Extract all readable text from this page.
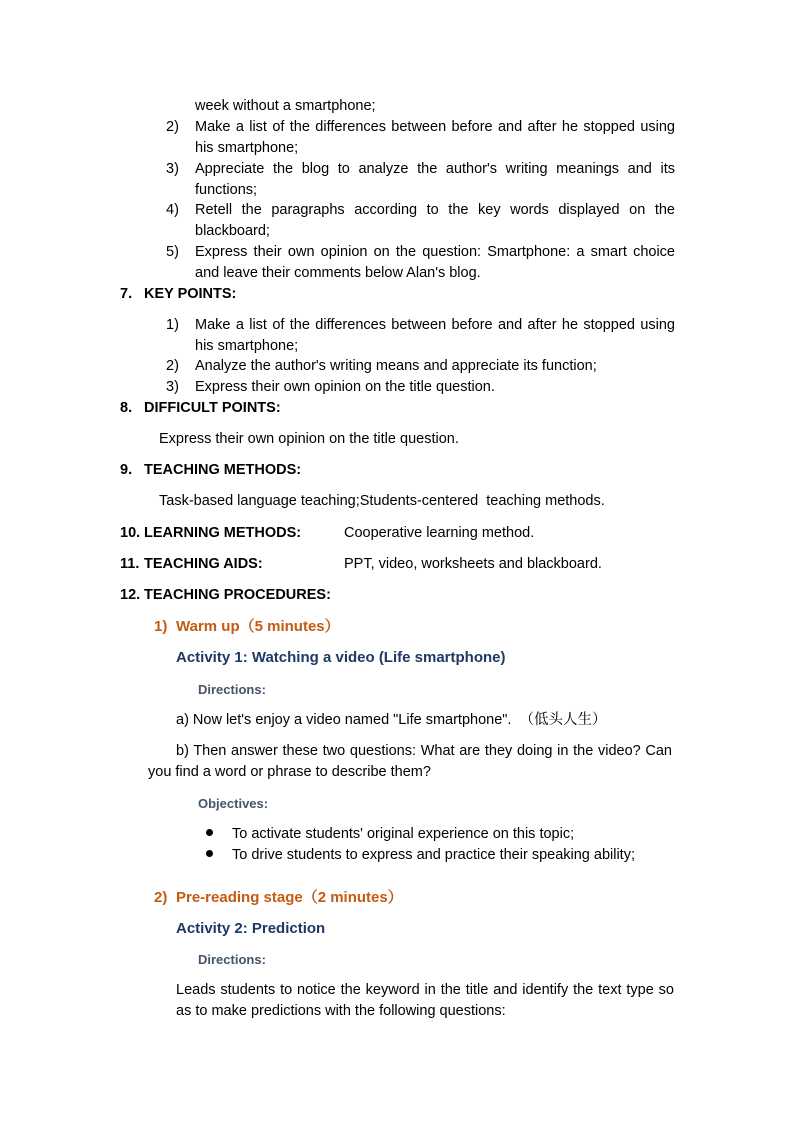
week without a smartphone;
2) Make a list of the differences between before and after he stopped using his smartphone;
3) Appreciate the blog to analyze the author's writing meanings and its functions;
4) Retell the paragraphs according to the key words displayed on the blackboard;
5) Express their own opinion on the question: Smartphone: a smart choice and leave their comments below Alan's blog.
7. KEY POINTS:
1) Make a list of the differences between before and after he stopped using his smartphone;
2) Analyze the author's writing means and appreciate its function;
3) Express their own opinion on the title question.
8. DIFFICULT POINTS:
Express their own opinion on the title question.
9. TEACHING METHODS:
Task-based language teaching;Students-centered  teaching methods.
10. LEARNING METHODS:	Cooperative learning method.
11. TEACHING AIDS:	PPT, video, worksheets and blackboard.
12. TEACHING PROCEDURES:
1) Warm up（5 minutes）
Activity 1: Watching a video (Life smartphone)
Directions:
a) Now let's enjoy a video named "Life smartphone".  （低头人生）
b) Then answer these two questions: What are they doing in the video? Can you find a word or phrase to describe them?
Objectives:
To activate students' original experience on this topic;
To drive students to express and practice their speaking ability;
2) Pre-reading stage（2 minutes）
Activity 2: Prediction
Directions:
Leads students to notice the keyword in the title and identify the text type so as to make predictions with the following questions:
